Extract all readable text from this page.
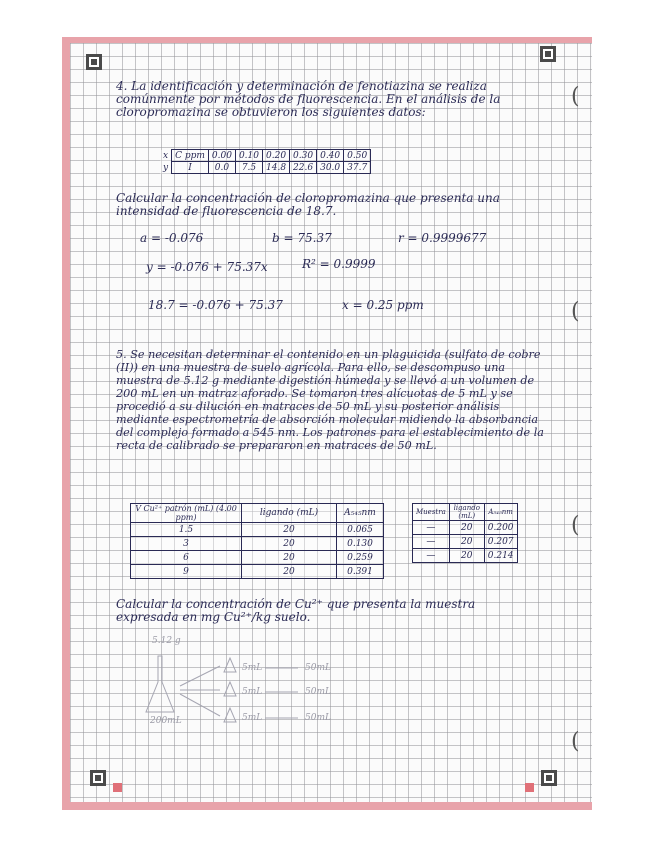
(
(
(
(

4. La identificación y determinación de fenotiazina se realiza comúnmente por métodos de fluorescencia. En el análisis de la cloropromazina se obtuvieron los siguientes datos:

x	C ppm	0.00	0.10	0.20	0.30	0.40	0.50
y	I	0.0	7.5	14.8	22.6	30.0	37.7

Calcular la concentración de cloropromazina que presenta una intensidad de fluorescencia de 18.7.

a = -0.076	b = 75.37	r = 0.9999677
y = -0.076 + 75.37x	R² = 0.9999
18.7 = -0.076 + 75.37	x = 0.25 ppm

5. Se necesitan determinar el contenido en un plaguicida (sulfato de cobre (II)) en una muestra de suelo agrícola. Para ello, se descompuso una muestra de 5.12 g mediante digestión húmeda y se llevó a un volumen de 200 mL en un matraz aforado. Se tomaron tres alícuotas de 5 mL y se procedió a su dilución en matraces de 50 mL y su posterior análisis mediante espectrometría de absorción molecular midiendo la absorbancia del complejo formado a 545 nm. Los patrones para el establecimiento de la recta de calibrado se prepararon en matraces de 50 mL.

V Cu²⁺ patrón (mL) (4.00 ppm)	ligando (mL)	A₅₄₅nm
1.5	20	0.065
3	20	0.130
6	20	0.259
9	20	0.391
Muestra	ligando (mL)	A₅₄₅nm
—	20	0.200
—	20	0.207
—	20	0.214

Calcular la concentración de Cu²⁺ que presenta la muestra expresada en mg Cu²⁺/kg suelo.

5.12 g
200mL
5mL
5mL
5mL
50mL
50mL
50mL
